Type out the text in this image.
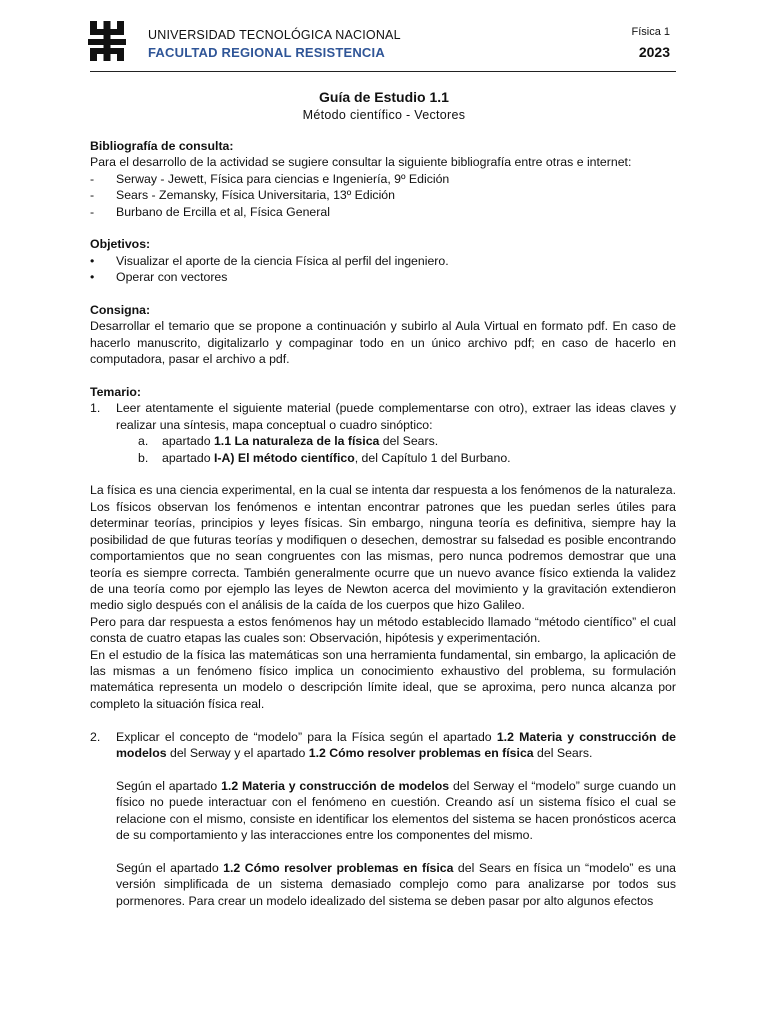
UNIVERSIDAD TECNOLÓGICA NACIONAL
FACULTAD REGIONAL RESISTENCIA
Física 1
2023
Guía de Estudio 1.1
Método científico - Vectores

Bibliografía de consulta:

Para el desarrollo de la actividad se sugiere consultar la siguiente bibliografía entre otras e internet:

-	Serway - Jewett, Física para ciencias e Ingeniería, 9º Edición
-	Sears - Zemansky, Física Universitaria, 13º Edición
-	Burbano de Ercilla et al, Física General

Objetivos:

•	Visualizar el aporte de la ciencia Física al perfil del ingeniero.
•	Operar con vectores

Consigna:

Desarrollar el temario que se propone a continuación y subirlo al Aula Virtual en formato pdf. En caso de hacerlo manuscrito, digitalizarlo y compaginar todo en un único archivo pdf; en caso de hacerlo en computadora, pasar el archivo a pdf.

Temario:

1.	Leer atentamente el siguiente material (puede complementarse con otro), extraer las ideas claves y realizar una síntesis, mapa conceptual o cuadro sinóptico:
a.	apartado 1.1 La naturaleza de la física del Sears.
b.	apartado I-A) El método científico, del Capítulo 1 del Burbano.

La física es una ciencia experimental, en la cual se intenta dar respuesta a los fenómenos de la naturaleza. Los físicos observan los fenómenos e intentan encontrar patrones que les puedan serles útiles para determinar teorías, principios y leyes físicas. Sin embargo, ninguna teoría es definitiva, siempre hay la posibilidad de que futuras teorías y modifiquen o desechen, demostrar su falsedad es posible encontrando comportamientos que no sean congruentes con las mismas, pero nunca podremos demostrar que una teoría es siempre correcta. También generalmente ocurre que un nuevo avance físico extienda la validez de una teoría como por ejemplo las leyes de Newton acerca del movimiento y la gravitación extendieron medio siglo después con el análisis de la caída de los cuerpos que hizo Galileo.

Pero para dar respuesta a estos fenómenos hay un método establecido llamado “método científico” el cual consta de cuatro etapas las cuales son: Observación, hipótesis y experimentación.

En el estudio de la física las matemáticas son una herramienta fundamental, sin embargo, la aplicación de las mismas a un fenómeno físico implica un conocimiento exhaustivo del problema, su formulación matemática representa un modelo o descripción límite ideal, que se aproxima, pero nunca alcanza por completo la situación física real.

2.	Explicar el concepto de “modelo” para la Física según el apartado 1.2 Materia y construcción de modelos del Serway y el apartado 1.2 Cómo resolver problemas en física del Sears.

Según el apartado 1.2 Materia y construcción de modelos del Serway el “modelo” surge cuando un físico no puede interactuar con el fenómeno en cuestión. Creando así un sistema físico el cual se relacione con el mismo, consiste en identificar los elementos del sistema se hacen pronósticos acerca de su comportamiento y las interacciones entre los componentes del mismo.

Según el apartado 1.2 Cómo resolver problemas en física del Sears en física un “modelo” es una versión simplificada de un sistema demasiado complejo como para analizarse por todos sus pormenores. Para crear un modelo idealizado del sistema se deben pasar por alto algunos efectos
